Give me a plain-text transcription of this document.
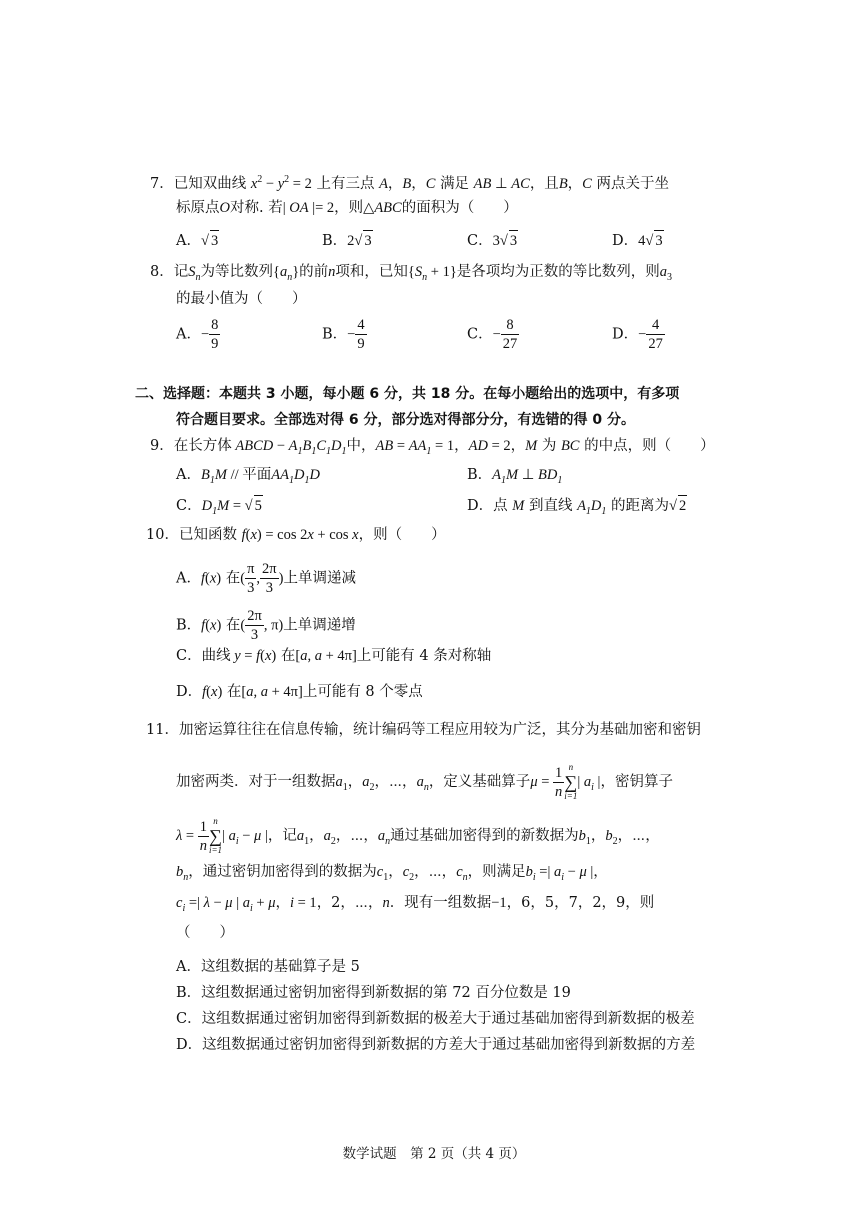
7．已知双曲线 $x^2 - y^2 = 2$ 上有三点 A，B，C 满足 AB ⊥ AC，且B，C 两点关于坐
标原点O对称. 若| OA |= 2，则△ABC的面积为（　　）
A．√ 3	B．2√ 3	C．3√ 3	D．4√ 3
8．记$S_n$为等比数列$\{a_n\}$的前n项和，已知$\{S_n + 1\}$是各项均为正数的等比数列，则$a_3$
的最小值为（　　）
A．− $\frac{8}{9}$	B．− $\frac{4}{9}$	C．− $\frac{8}{27}$	D．− $\frac{4}{27}$
二、选择题：本题共 3 小题，每小题 6 分，共 18 分。在每小题给出的选项中，有多项
符合题目要求。全部选对得 6 分，部分选对得部分分，有选错的得 0 分。
9．在长方体 ABCD − $A_1B_1C_1D_1$中，AB = $AA_1 = 1$，AD = 2，M 为 BC 的中点，则（　　）
A．$B_1M$ // 平面$AA_1D_1D$	B．$A_1M$ ⊥ $BD_1$
C．$D_1M$ = √ 5	D．点 M 到直线 $A_1D_1$ 的距离为√ 2
10．已知函数 f(x) = cos 2x + cos x，则（　　）
A．f(x) 在( $\frac{\pi}{3}$ , $\frac{2\pi}{3}$ )上单调递减
B．f(x) 在( $\frac{2\pi}{3}$ , π)上单调递增
C．曲线 y = f(x) 在[a, a + 4π]上可能有 4 条对称轴
D．f(x) 在[a, a + 4π]上可能有 8 个零点
11．加密运算往往在信息传输，统计编码等工程应用较为广泛，其分为基础加密和密钥
加密两类．对于一组数据$a_1$，$a_2$，⋯，$a_n$，定义基础算子$\mu = \frac{1}{n}$ n
∑
i=1
| $a_i$ |，密钥算子
$\lambda = \frac{1}{n}$ n
∑
i=1
| $a_i - \mu$ |，记$a_1$，$a_2$，⋯，$a_n$通过基础加密得到的新数据为$b_1$，$b_2$，⋯，
$b_n$，通过密钥加密得到的数据为$c_1$，$c_2$，⋯，$c_n$，则满足$b_i$ =| $a_i - \mu$ |，
$c_i$ =| λ − μ | $a_i + \mu$，i = 1，2，⋯，n．现有一组数据−1，6，5，7，2，9，则
（　　）
A．这组数据的基础算子是 5
B．这组数据通过密钥加密得到新数据的第 72 百分位数是 19
C．这组数据通过密钥加密得到新数据的极差大于通过基础加密得到新数据的极差
D．这组数据通过密钥加密得到新数据的方差大于通过基础加密得到新数据的方差
数学试题　第 2 页（共 4 页）
